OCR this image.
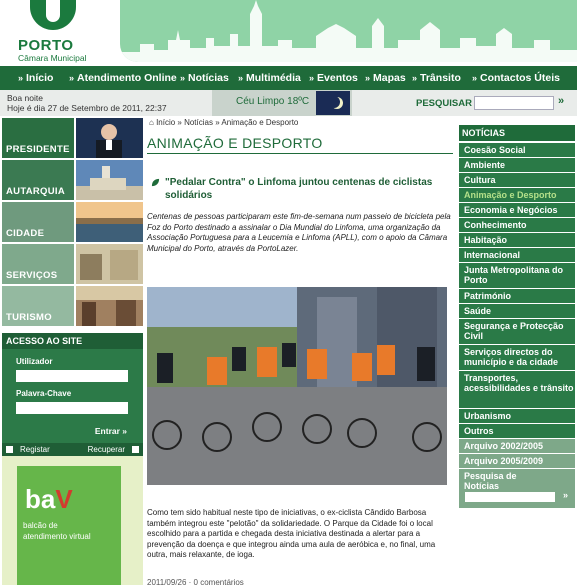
PORTO
Câmara Municipal
» Início » Atendimento Online » Notícias » Multimédia » Eventos » Mapas » Trânsito » Contactos Úteis
Boa noite
Hoje é dia 27 de Setembro de 2011, 22:37
Céu Limpo 18ºC	PESQUISAR	»
PRESIDENTE
AUTARQUIA
CIDADE
SERVIÇOS
TURISMO
ACESSO AO SITE
Utilizador
Palavra-Chave
Entrar »
Registar	Recuperar
baV
balcão de
atendimento virtual
⌂ Início » Notícias » Animação e Desporto
ANIMAÇÃO E DESPORTO
"Pedalar Contra" o Linfoma juntou centenas de ciclistas solidários
Centenas de pessoas participaram este fim-de-semana num passeio de bicicleta pela Foz do Porto destinado a assinalar o Dia Mundial do Linfoma, uma organização da Associação Portuguesa para a Leucemia e Linfoma (APLL), com o apoio da Câmara Municipal do Porto, através da PortoLazer.
Como tem sido habitual neste tipo de iniciativas, o ex-ciclista Cândido Barbosa também integrou este "pelotão" da solidariedade. O Parque da Cidade foi o local escolhido para a partida e chegada desta iniciativa destinada a alertar para a prevenção da doença e que integrou ainda uma aula de aeróbica e, no final, uma outra, mais relaxante, de ioga.
2011/09/26 · 0 comentários
NOTÍCIAS
Coesão Social
Ambiente
Cultura
Animação e Desporto
Economia e Negócios
Conhecimento
Habitação
Internacional
Junta Metropolitana do Porto
Património
Saúde
Segurança e Protecção Civil
Serviços directos do município e da cidade
Transportes, acessibilidades e trânsito
Urbanismo
Outros
Arquivo 2002/2005
Arquivo 2005/2009
Pesquisa de Notícias
»
